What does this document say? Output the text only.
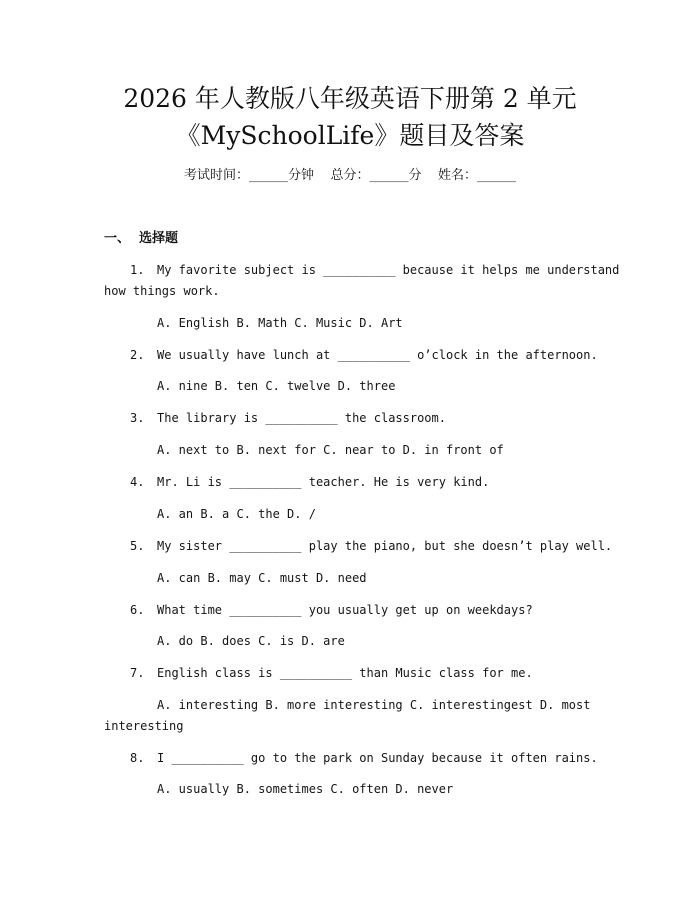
2026 年人教版八年级英语下册第 2 单元
《MySchoolLife》题目及答案
考试时间：______分钟    总分：______分    姓名：______
一、  选择题
1. My favorite subject is __________ because it helps me understand
how things work.
A. English B. Math C. Music D. Art
2. We usually have lunch at __________ o’clock in the afternoon.
A. nine B. ten C. twelve D. three
3. The library is __________ the classroom.
A. next to B. next for C. near to D. in front of
4. Mr. Li is __________ teacher. He is very kind.
A. an B. a C. the D. /
5. My sister __________ play the piano, but she doesn’t play well.
A. can B. may C. must D. need
6. What time __________ you usually get up on weekdays?
A. do B. does C. is D. are
7. English class is __________ than Music class for me.
A. interesting B. more interesting C. interestingest D. most
interesting
8. I __________ go to the park on Sunday because it often rains.
A. usually B. sometimes C. often D. never
